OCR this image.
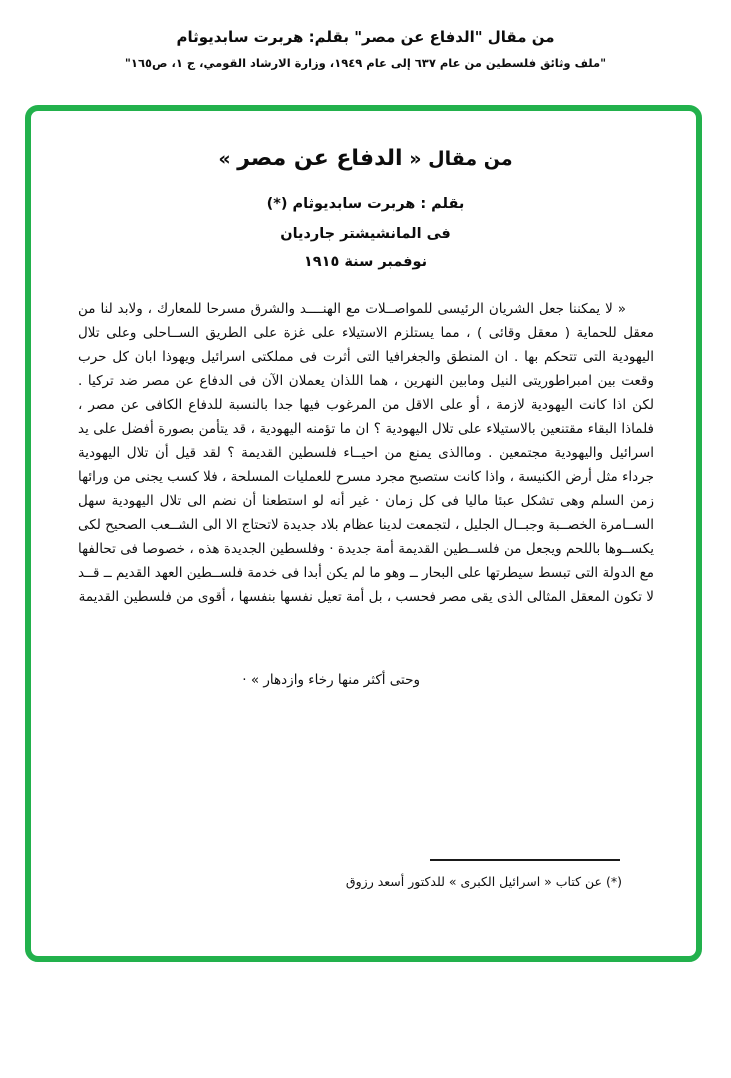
من مقال "الدفاع عن مصر" بقلم: هربرت سابديوثام
"ملف وثائق فلسطين من عام ٦٣٧ إلى عام ١٩٤٩، وزارة الارشاد القومي، ج ١، ص١٦٥"
من مقال « الدفاع عن مصر »
بقلم : هربرت سابديوثام (*)
فى المانشيشتر جارديان
نوفمبر سنة ١٩١٥
« لا يمكننا جعل الشريان الرئيسى للمواصــلات مع الهنــــد والشرق مسرحا للمعارك ، ولابد لنا من معقل للحماية ( معقل وقائى ) ، مما يستلزم الاستيلاء على غزة على الطريق الســاحلى وعلى تلال اليهودية التى تتحكم بها . ان المنطق والجغرافيا التى أثرت فى مملكتى اسرائيل ويهوذا ابان كل حرب وقعت بين امبراطوريتى النيل ومابين النهرين ، هما اللذان يعملان الآن فى الدفاع عن مصر ضد تركيا . لكن اذا كانت اليهودية لازمة ، أو على الاقل من المرغوب فيها جدا بالنسبة للدفاع الكافى عن مصر ، فلماذا البقاء مقتنعين بالاستيلاء على تلال اليهودية ؟ ان ما تؤمنه اليهودية ، قد يتأمن بصورة أفضل على يد اسرائيل واليهودية مجتمعين . وماالذى يمنع من احيــاء فلسطين القديمة ؟ لقد قيل أن تلال اليهودية جرداء مثل أرض الكنيسة ، واذا كانت ستصبح مجرد مسرح للعمليات المسلحة ، فلا كسب يجنى من ورائها زمن السلم وهى تشكل عبئا ماليا فى كل زمان · غير أنه لو استطعنا أن نضم الى تلال اليهودية سهل الســامرة الخصــبة وجبــال الجليل ، لتجمعت لدينا عظام بلاد جديدة لاتحتاج الا الى الشــعب الصحيح لكى يكســوها باللحم ويجعل من فلســطين القديمة أمة جديدة · وفلسطين الجديدة هذه ، خصوصا فى تحالفها مع الدولة التى تبسط سيطرتها على البحار ــ وهو ما لم يكن أبدا فى خدمة فلســطين العهد القديم ــ قــد لا تكون المعقل المثالى الذى يقى مصر فحسب ، بل أمة تعيل نفسها بنفسها ، أقوى من فلسطين القديمة
وحتى أكثر منها رخاء وازدهار » ·
(*) عن كتاب « اسرائيل الكبرى » للدكتور أسعد رزوق
